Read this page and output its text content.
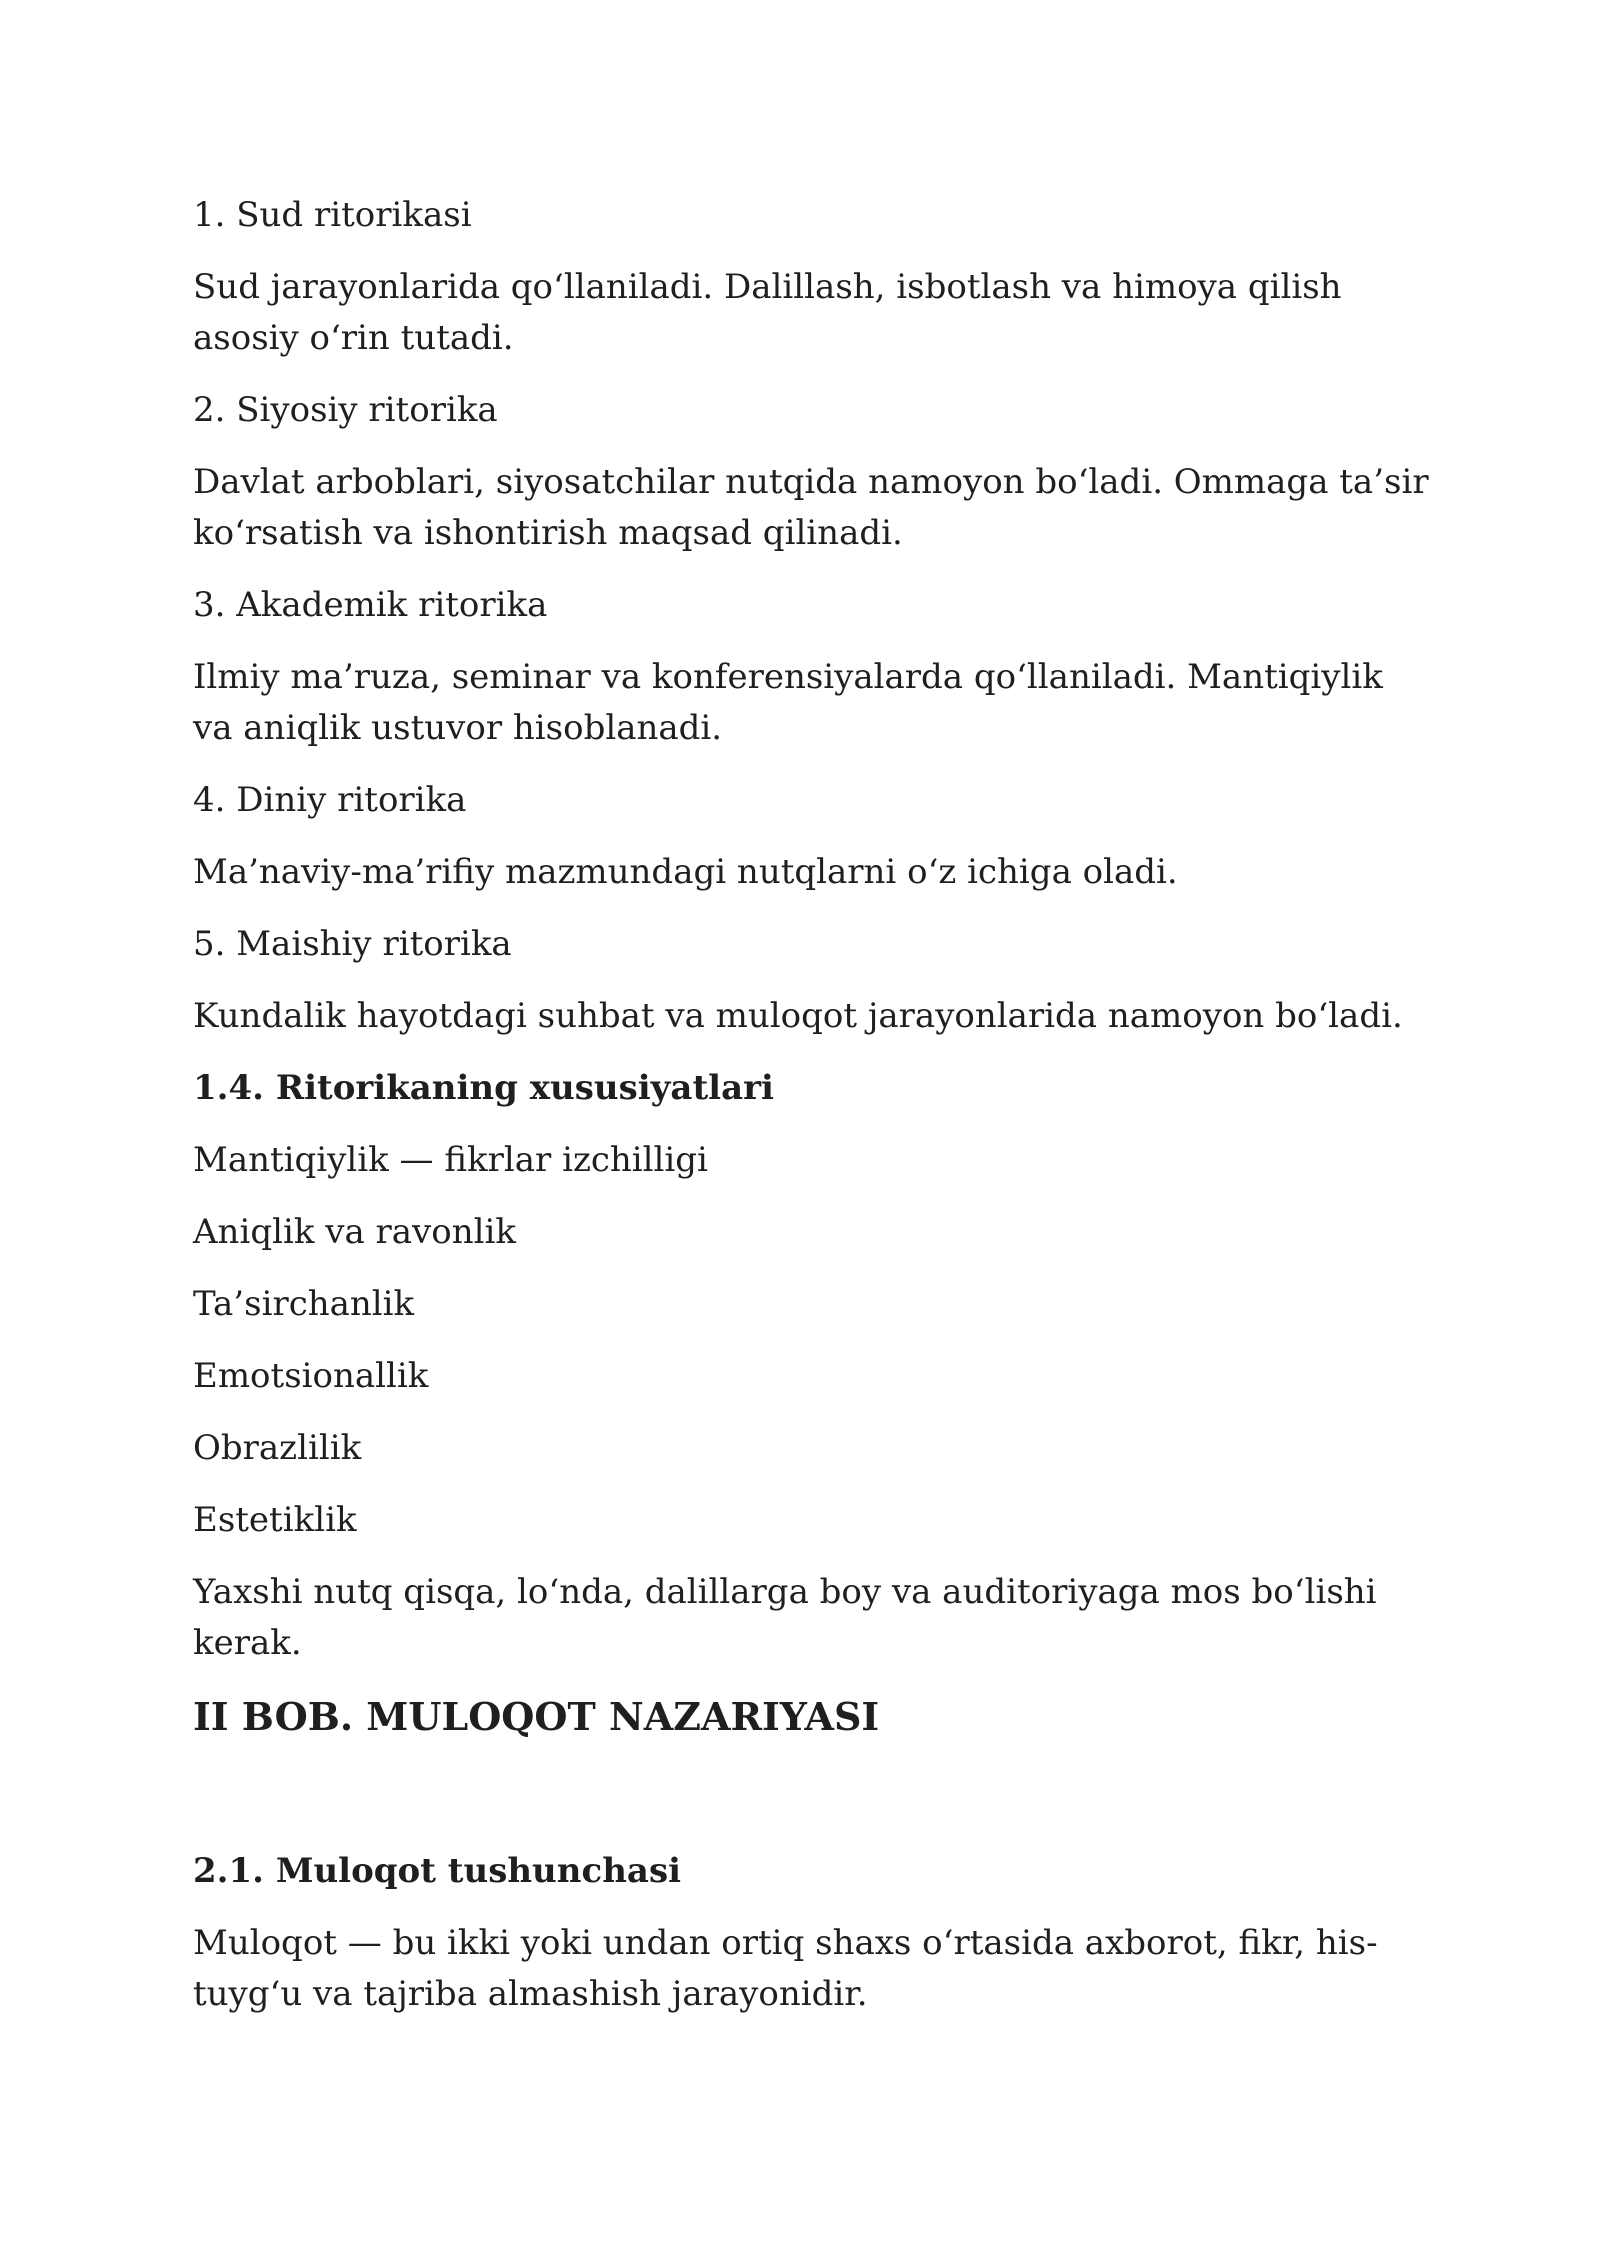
1. Sud ritorikasi

Sud jarayonlarida qo‘llaniladi. Dalillash, isbotlash va himoya qilish asosiy o‘rin tutadi.

2. Siyosiy ritorika

Davlat arboblari, siyosatchilar nutqida namoyon bo‘ladi. Ommaga ta’sir ko‘rsatish va ishontirish maqsad qilinadi.

3. Akademik ritorika

Ilmiy ma’ruza, seminar va konferensiyalarda qo‘llaniladi. Mantiqiylik va aniqlik ustuvor hisoblanadi.

4. Diniy ritorika

Ma’naviy-ma’rifiy mazmundagi nutqlarni o‘z ichiga oladi.

5. Maishiy ritorika

Kundalik hayotdagi suhbat va muloqot jarayonlarida namoyon bo‘ladi.

1.4. Ritorikaning xususiyatlari

Mantiqiylik — fikrlar izchilligi

Aniqlik va ravonlik

Ta’sirchanlik

Emotsionallik

Obrazlilik

Estetiklik

Yaxshi nutq qisqa, lo‘nda, dalillarga boy va auditoriyaga mos bo‘lishi kerak.

II BOB. MULOQOT NAZARIYASI

2.1. Muloqot tushunchasi

Muloqot — bu ikki yoki undan ortiq shaxs o‘rtasida axborot, fikr, his-tuyg‘u va tajriba almashish jarayonidir.
